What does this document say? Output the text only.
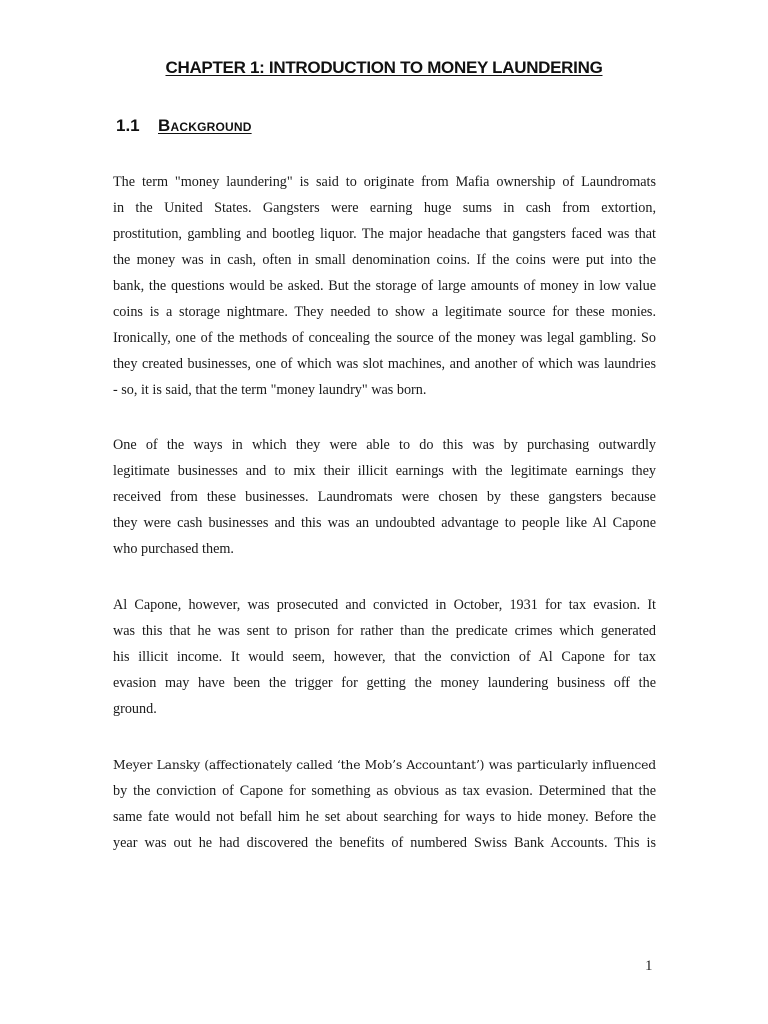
CHAPTER 1: INTRODUCTION TO MONEY LAUNDERING
1.1 Background
The term "money laundering" is said to originate from Mafia ownership of Laundromats
in the United States. Gangsters were earning huge sums in cash from extortion,
prostitution, gambling and bootleg liquor. The major headache that gangsters faced was that
the money was in cash, often in small denomination coins. If the coins were put into the
bank, the questions would be asked. But the storage of large amounts of money in low value
coins is a storage nightmare. They needed to show a legitimate source for these monies.
Ironically, one of the methods of concealing the source of the money was legal gambling. So
they created businesses, one of which was slot machines, and another of which was laundries
- so, it is said, that the term "money laundry" was born.
One of the ways in which they were able to do this was by purchasing outwardly
legitimate businesses and to mix their illicit earnings with the legitimate earnings they
received from these businesses. Laundromats were chosen by these gangsters because
they were cash businesses and this was an undoubted advantage to people like Al Capone
who purchased them.
Al Capone, however, was prosecuted and convicted in October, 1931 for tax evasion. It
was this that he was sent to prison for rather than the predicate crimes which generated
his illicit income. It would seem, however, that the conviction of Al Capone for tax
evasion may have been the trigger for getting the money laundering business off the
ground.
Meyer Lansky (affectionately called ‘the Mob’s Accountant’) was particularly influenced
by the conviction of Capone for something as obvious as tax evasion. Determined that the
same fate would not befall him he set about searching for ways to hide money. Before the
year was out he had discovered the benefits of numbered Swiss Bank Accounts. This is
1
